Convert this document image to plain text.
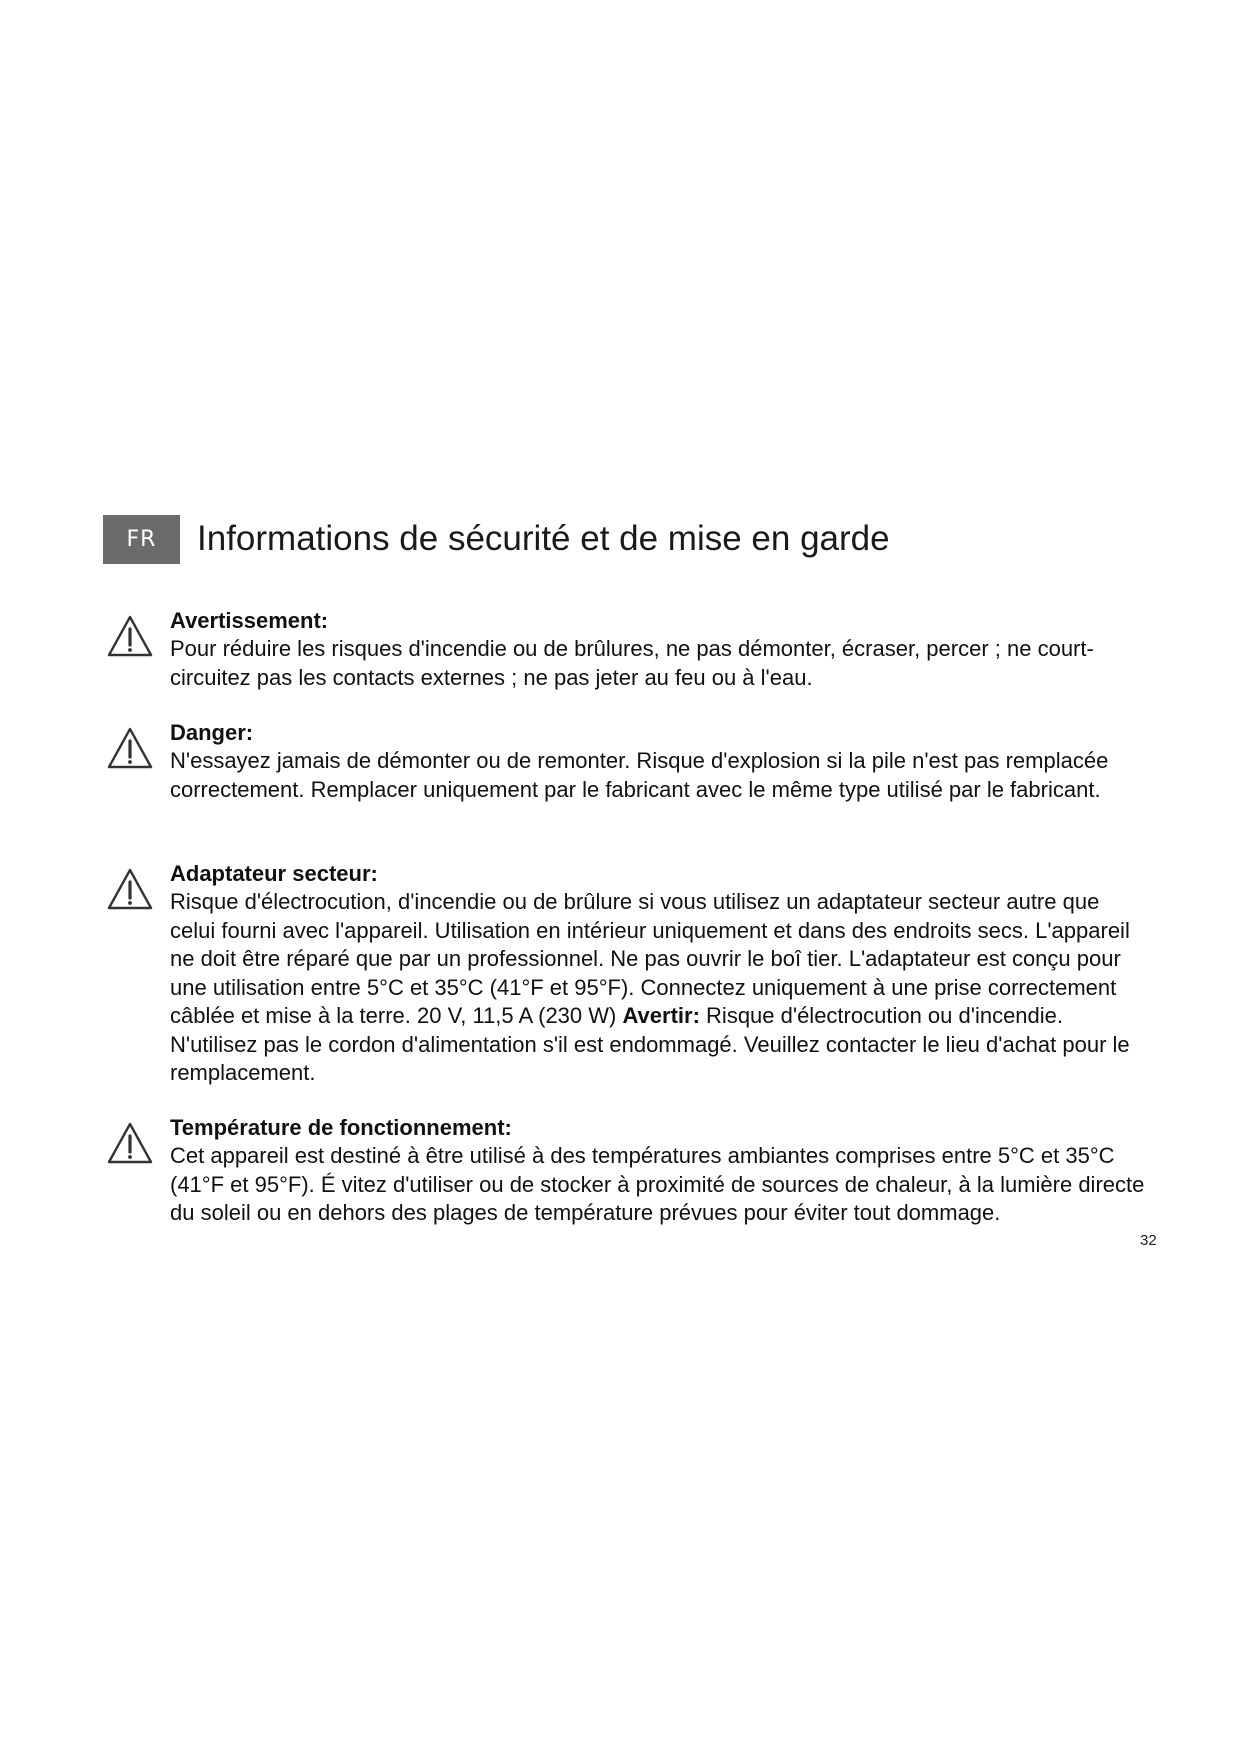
FR	Informations de sécurité et de mise en garde

Avertissement:

Pour réduire les risques d'incendie ou de brûlures, ne pas démonter, écraser, percer ; ne court-circuitez pas les contacts externes ; ne pas jeter au feu ou à l'eau.

Danger:

N'essayez jamais de démonter ou de remonter. Risque d'explosion si la pile n'est pas remplacée correctement. Remplacer uniquement par le fabricant avec le même type utilisé par le fabricant.

Adaptateur secteur:

Risque d'électrocution, d'incendie ou de brûlure si vous utilisez un adaptateur secteur autre que celui fourni avec l'appareil. Utilisation en intérieur uniquement et dans des endroits secs. L'appareil ne doit être réparé que par un professionnel. Ne pas ouvrir le boî tier. L'adaptateur est conçu pour une utilisation entre 5°C et 35°C (41°F et 95°F). Connectez uniquement à une prise correctement câblée et mise à la terre. 20 V, 11,5 A (230 W) Avertir: Risque d'électrocution ou d'incendie. N'utilisez pas le cordon d'alimentation s'il est endommagé. Veuillez contacter le lieu d'achat pour le remplacement.

Température de fonctionnement:

Cet appareil est destiné à être utilisé à des températures ambiantes comprises entre 5°C et 35°C (41°F et 95°F). É vitez d'utiliser ou de stocker à proximité de sources de chaleur, à la lumière directe du soleil ou en dehors des plages de température prévues pour éviter tout dommage.

32
